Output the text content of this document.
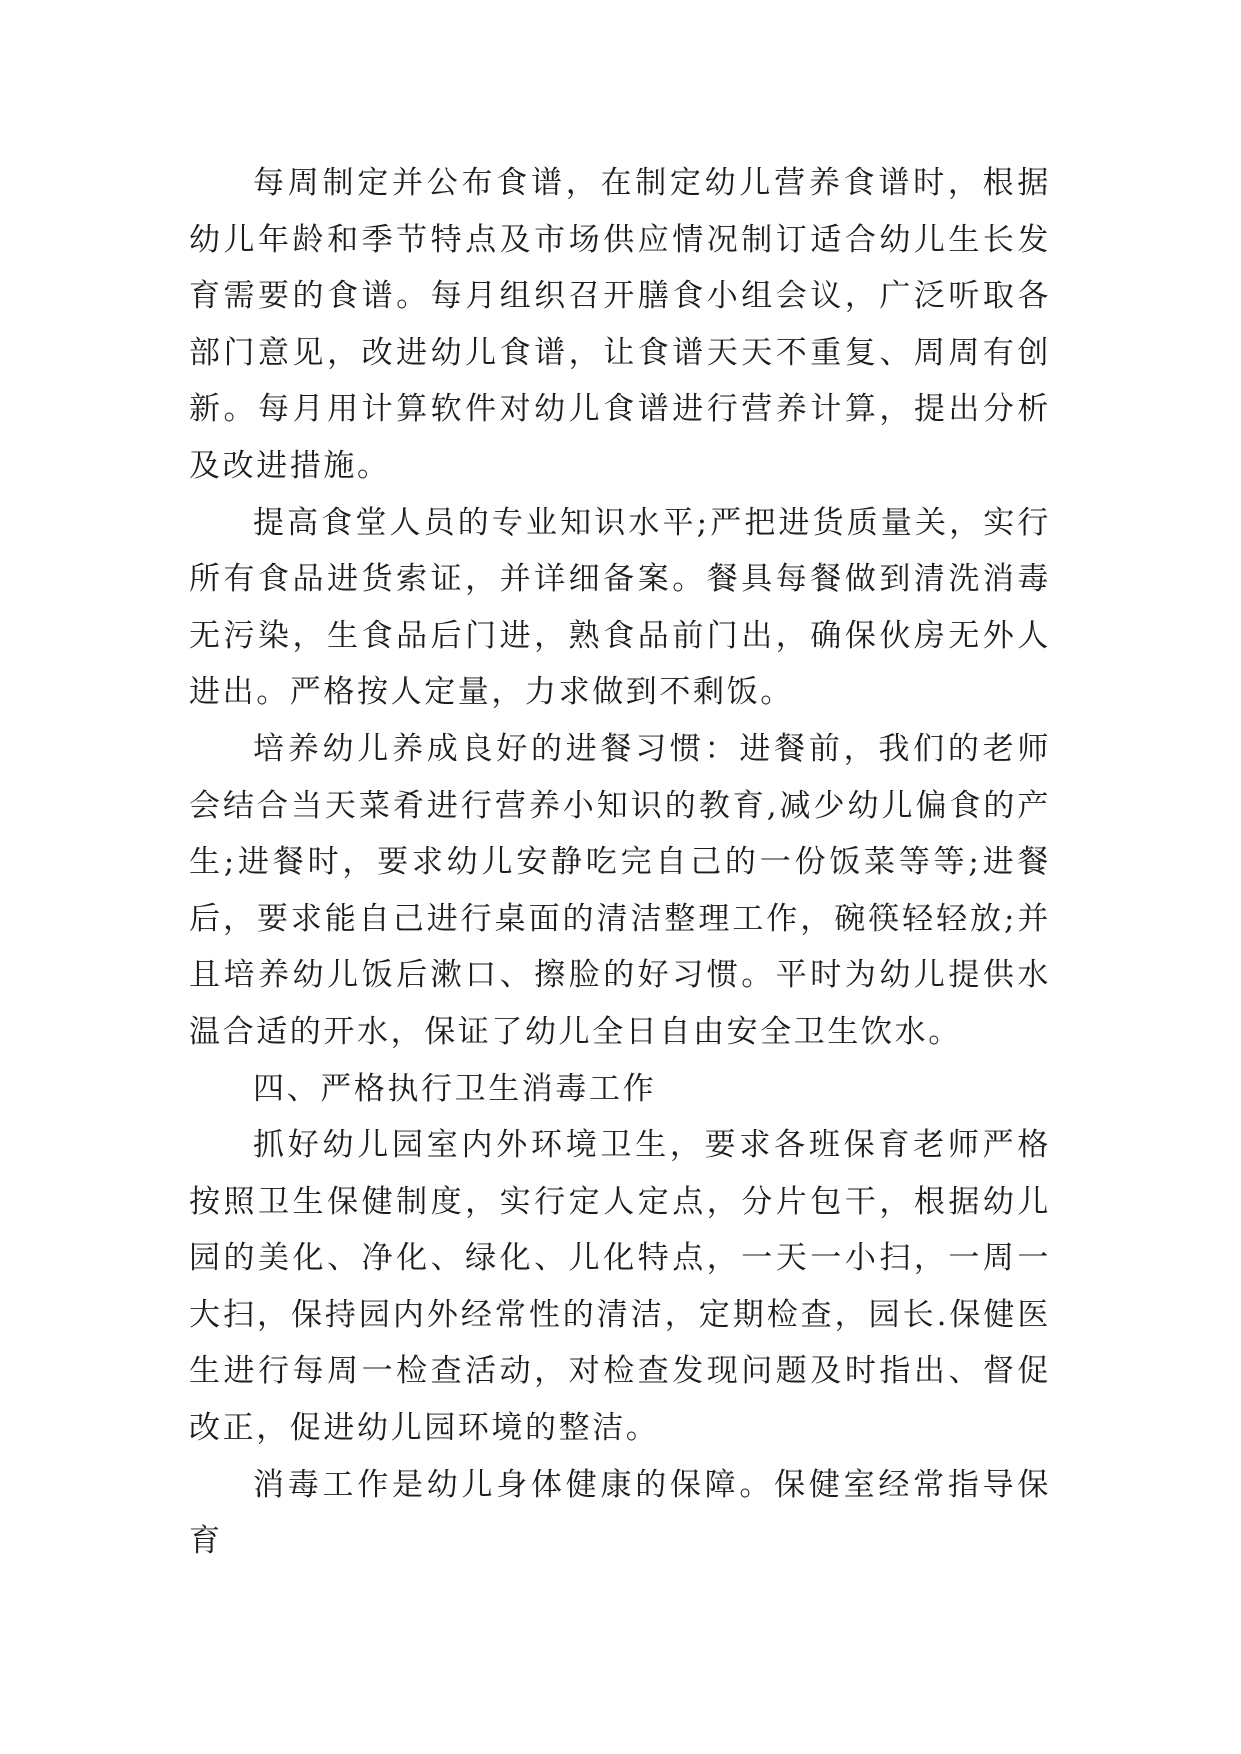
每周制定并公布食谱，在制定幼儿营养食谱时，根据幼儿年龄和季节特点及市场供应情况制订适合幼儿生长发育需要的食谱。每月组织召开膳食小组会议，广泛听取各部门意见，改进幼儿食谱，让食谱天天不重复、周周有创新。每月用计算软件对幼儿食谱进行营养计算，提出分析及改进措施。

提高食堂人员的专业知识水平;严把进货质量关，实行所有食品进货索证，并详细备案。餐具每餐做到清洗消毒无污染，生食品后门进，熟食品前门出，确保伙房无外人进出。严格按人定量，力求做到不剩饭。

培养幼儿养成良好的进餐习惯：进餐前，我们的老师会结合当天菜肴进行营养小知识的教育,减少幼儿偏食的产生;进餐时，要求幼儿安静吃完自己的一份饭菜等等;进餐后，要求能自己进行桌面的清洁整理工作，碗筷轻轻放;并且培养幼儿饭后漱口、擦脸的好习惯。平时为幼儿提供水温合适的开水，保证了幼儿全日自由安全卫生饮水。

四、严格执行卫生消毒工作

抓好幼儿园室内外环境卫生，要求各班保育老师严格按照卫生保健制度，实行定人定点，分片包干，根据幼儿园的美化、净化、绿化、儿化特点，一天一小扫，一周一大扫，保持园内外经常性的清洁，定期检查，园长.保健医生进行每周一检查活动，对检查发现问题及时指出、督促改正，促进幼儿园环境的整洁。

消毒工作是幼儿身体健康的保障。保健室经常指导保育
